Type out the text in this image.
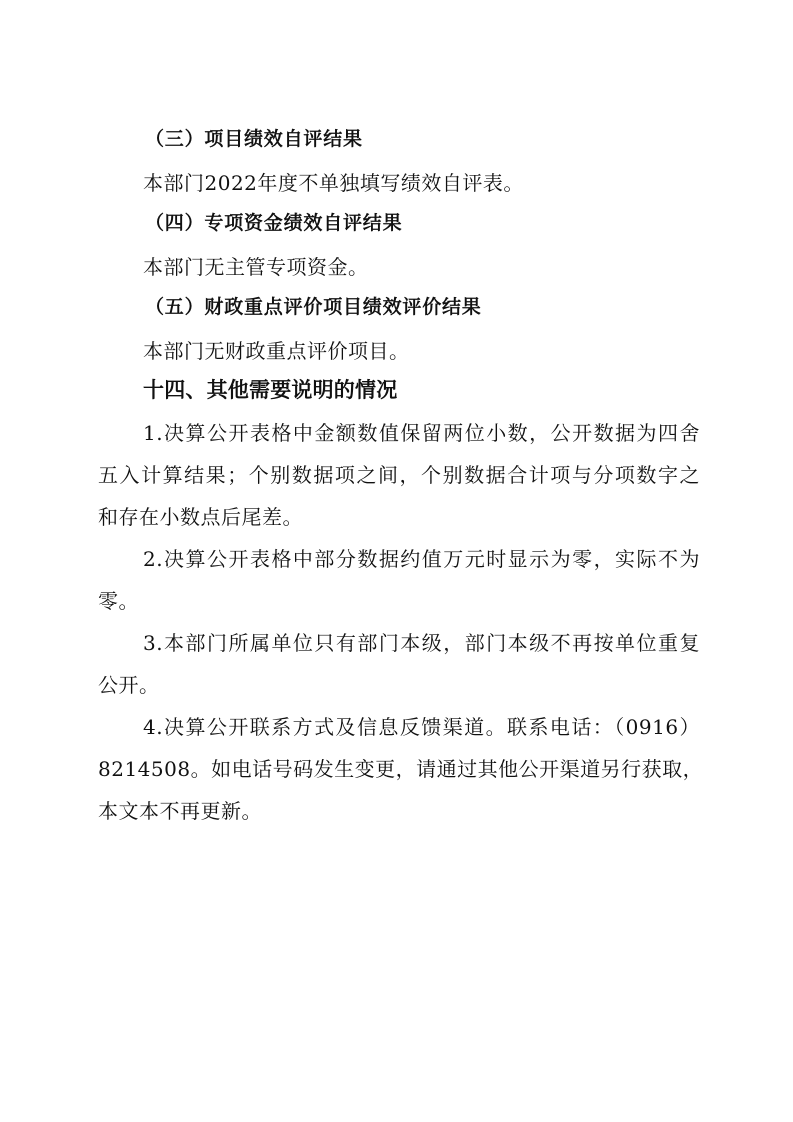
（三）项目绩效自评结果
本部门2022年度不单独填写绩效自评表。
（四）专项资金绩效自评结果
本部门无主管专项资金。
（五）财政重点评价项目绩效评价结果
本部门无财政重点评价项目。
十四、其他需要说明的情况
1.决算公开表格中金额数值保留两位小数，公开数据为四舍
五入计算结果；个别数据项之间，个别数据合计项与分项数字之
和存在小数点后尾差。
2.决算公开表格中部分数据约值万元时显示为零，实际不为
零。
3.本部门所属单位只有部门本级，部门本级不再按单位重复
公开。
4.决算公开联系方式及信息反馈渠道。联系电话：（0916）
8214508。如电话号码发生变更，请通过其他公开渠道另行获取，
本文本不再更新。
